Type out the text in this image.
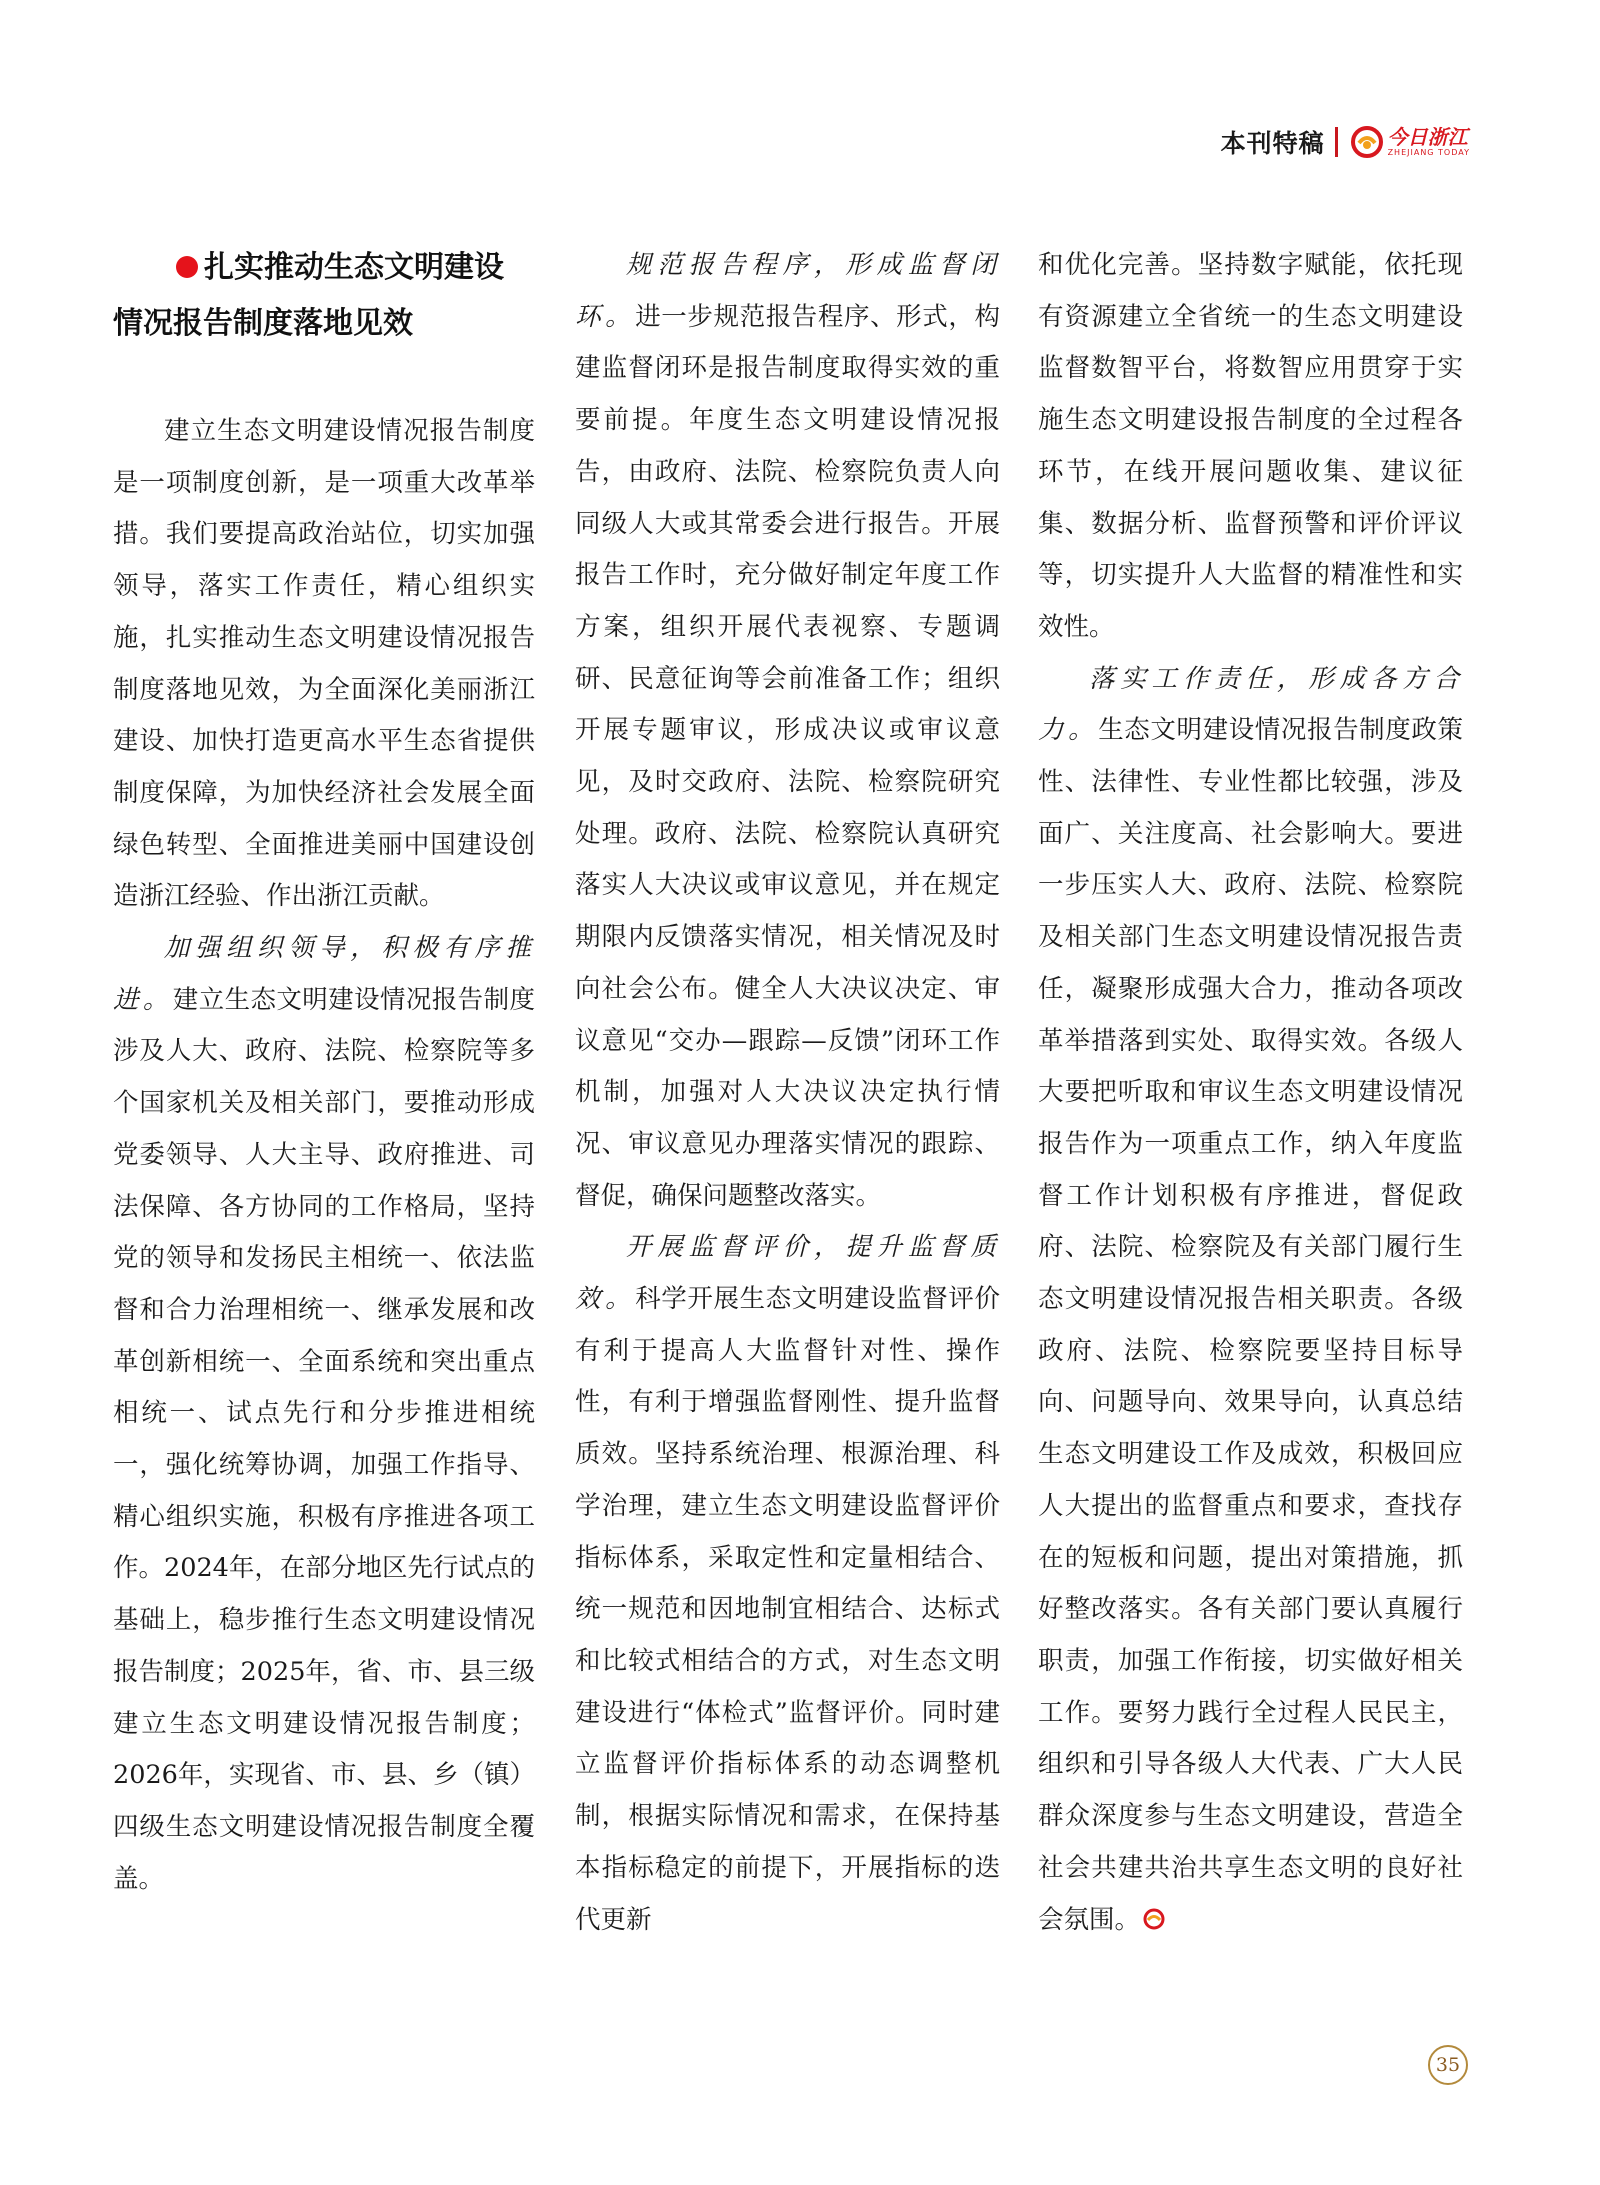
本刊特稿	今日浙江
ZHEJIANG TODAY
扎实推动生态文明建设
情况报告制度落地见效

建立生态文明建设情况报告制度是一项制度创新，是一项重大改革举措。我们要提高政治站位，切实加强领导，落实工作责任，精心组织实施，扎实推动生态文明建设情况报告制度落地见效，为全面深化美丽浙江建设、加快打造更高水平生态省提供制度保障，为加快经济社会发展全面绿色转型、全面推进美丽中国建设创造浙江经验、作出浙江贡献。

加强组织领导，积极有序推进。建立生态文明建设情况报告制度涉及人大、政府、法院、检察院等多个国家机关及相关部门，要推动形成党委领导、人大主导、政府推进、司法保障、各方协同的工作格局，坚持党的领导和发扬民主相统一、依法监督和合力治理相统一、继承发展和改革创新相统一、全面系统和突出重点相统一、试点先行和分步推进相统一，强化统筹协调，加强工作指导、精心组织实施，积极有序推进各项工作。2024年，在部分地区先行试点的基础上，稳步推行生态文明建设情况报告制度；2025年，省、市、县三级建立生态文明建设情况报告制度；2026年，实现省、市、县、乡（镇）四级生态文明建设情况报告制度全覆盖。

规范报告程序，形成监督闭环。进一步规范报告程序、形式，构建监督闭环是报告制度取得实效的重要前提。年度生态文明建设情况报告，由政府、法院、检察院负责人向同级人大或其常委会进行报告。开展报告工作时，充分做好制定年度工作方案，组织开展代表视察、专题调研、民意征询等会前准备工作；组织开展专题审议，形成决议或审议意见，及时交政府、法院、检察院研究处理。政府、法院、检察院认真研究落实人大决议或审议意见，并在规定期限内反馈落实情况，相关情况及时向社会公布。健全人大决议决定、审议意见“交办—跟踪—反馈”闭环工作机制，加强对人大决议决定执行情况、审议意见办理落实情况的跟踪、督促，确保问题整改落实。

开展监督评价，提升监督质效。科学开展生态文明建设监督评价有利于提高人大监督针对性、操作性，有利于增强监督刚性、提升监督质效。坚持系统治理、根源治理、科学治理，建立生态文明建设监督评价指标体系，采取定性和定量相结合、统一规范和因地制宜相结合、达标式和比较式相结合的方式，对生态文明建设进行“体检式”监督评价。同时建立监督评价指标体系的动态调整机制，根据实际情况和需求，在保持基本指标稳定的前提下，开展指标的迭代更新

和优化完善。坚持数字赋能，依托现有资源建立全省统一的生态文明建设监督数智平台，将数智应用贯穿于实施生态文明建设报告制度的全过程各环节，在线开展问题收集、建议征集、数据分析、监督预警和评价评议等，切实提升人大监督的精准性和实效性。

落实工作责任，形成各方合力。生态文明建设情况报告制度政策性、法律性、专业性都比较强，涉及面广、关注度高、社会影响大。要进一步压实人大、政府、法院、检察院及相关部门生态文明建设情况报告责任，凝聚形成强大合力，推动各项改革举措落到实处、取得实效。各级人大要把听取和审议生态文明建设情况报告作为一项重点工作，纳入年度监督工作计划积极有序推进，督促政府、法院、检察院及有关部门履行生态文明建设情况报告相关职责。各级政府、法院、检察院要坚持目标导向、问题导向、效果导向，认真总结生态文明建设工作及成效，积极回应人大提出的监督重点和要求，查找存在的短板和问题，提出对策措施，抓好整改落实。各有关部门要认真履行职责，加强工作衔接，切实做好相关工作。要努力践行全过程人民民主，组织和引导各级人大代表、广大人民群众深度参与生态文明建设，营造全社会共建共治共享生态文明的良好社会氛围。

35
